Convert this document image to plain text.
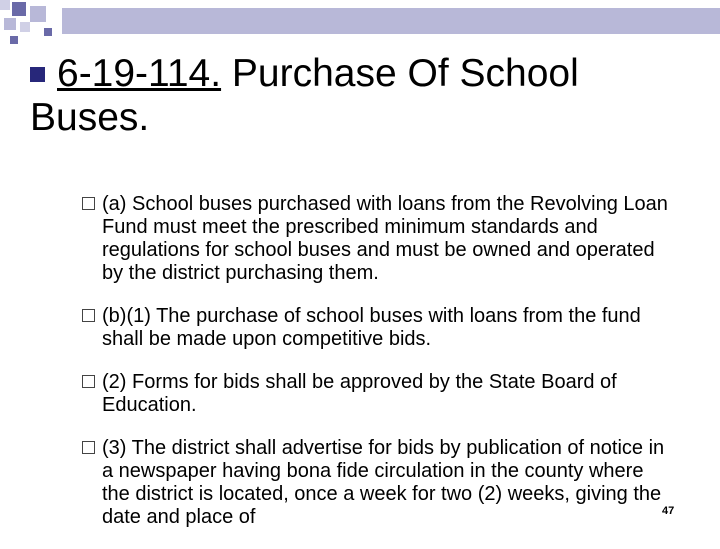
6-19-114. Purchase Of School Buses.
(a) School buses purchased with loans from the Revolving Loan Fund must meet the prescribed minimum standards and regulations for school buses and must be owned and operated by the district purchasing them.
(b)(1) The purchase of school buses with loans from the fund shall be made upon competitive bids.
(2) Forms for bids shall be approved by the State Board of Education.
(3) The district shall advertise for bids by publication of notice in a newspaper having bona fide circulation in the county where the district is located, once a week for two (2) weeks, giving the date and place of	47
